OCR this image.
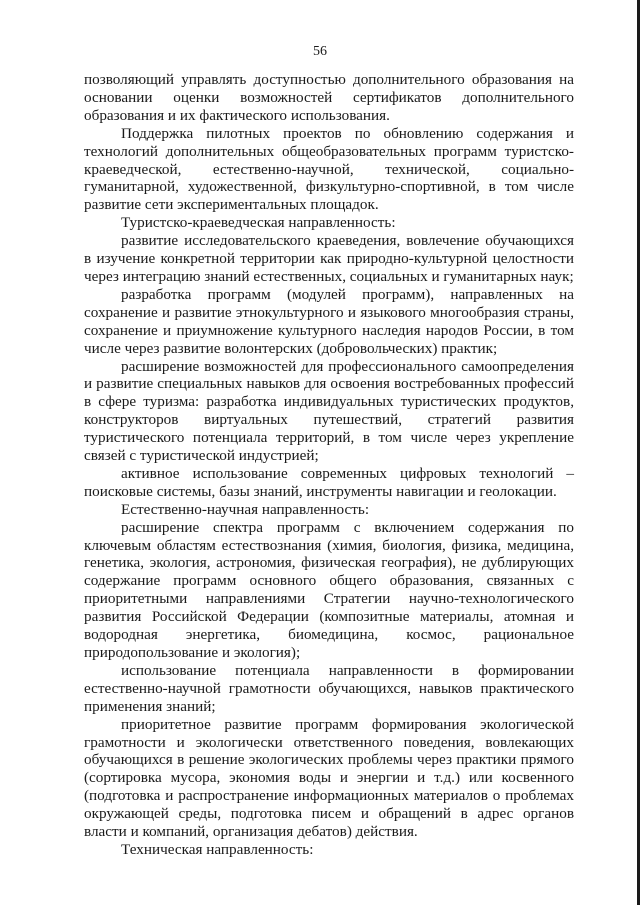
56

позволяющий управлять доступностью дополнительного образования на основании оценки возможностей сертификатов дополнительного образования и их фактического использования.

Поддержка пилотных проектов по обновлению содержания и технологий дополнительных общеобразовательных программ туристско-краеведческой, естественно-научной, технической, социально-гуманитарной, художественной, физкультурно-спортивной, в том числе развитие сети экспериментальных площадок.

Туристско-краеведческая направленность:

развитие исследовательского краеведения, вовлечение обучающихся в изучение конкретной территории как природно-культурной целостности через интеграцию знаний естественных, социальных и гуманитарных наук;

разработка программ (модулей программ), направленных на сохранение и развитие этнокультурного и языкового многообразия страны, сохранение и приумножение культурного наследия народов России, в том числе через развитие волонтерских (добровольческих) практик;

расширение возможностей для профессионального самоопределения и развитие специальных навыков для освоения востребованных профессий в сфере туризма: разработка индивидуальных туристических продуктов, конструкторов виртуальных путешествий, стратегий развития туристического потенциала территорий, в том числе через укрепление связей с туристической индустрией;

активное использование современных цифровых технологий – поисковые системы, базы знаний, инструменты навигации и геолокации.

Естественно-научная направленность:

расширение спектра программ с включением содержания по ключевым областям естествознания (химия, биология, физика, медицина, генетика, экология, астрономия, физическая география), не дублирующих содержание программ основного общего образования, связанных с приоритетными направлениями Стратегии научно-технологического развития Российской Федерации (композитные материалы, атомная и водородная энергетика, биомедицина, космос, рациональное природопользование и экология);

использование потенциала направленности в формировании естественно-научной грамотности обучающихся, навыков практического применения знаний;

приоритетное развитие программ формирования экологической грамотности и экологически ответственного поведения, вовлекающих обучающихся в решение экологических проблемы через практики прямого (сортировка мусора, экономия воды и энергии и т.д.) или косвенного (подготовка и распространение информационных материалов о проблемах окружающей среды, подготовка писем и обращений в адрес органов власти и компаний, организация дебатов) действия.

Техническая направленность:
